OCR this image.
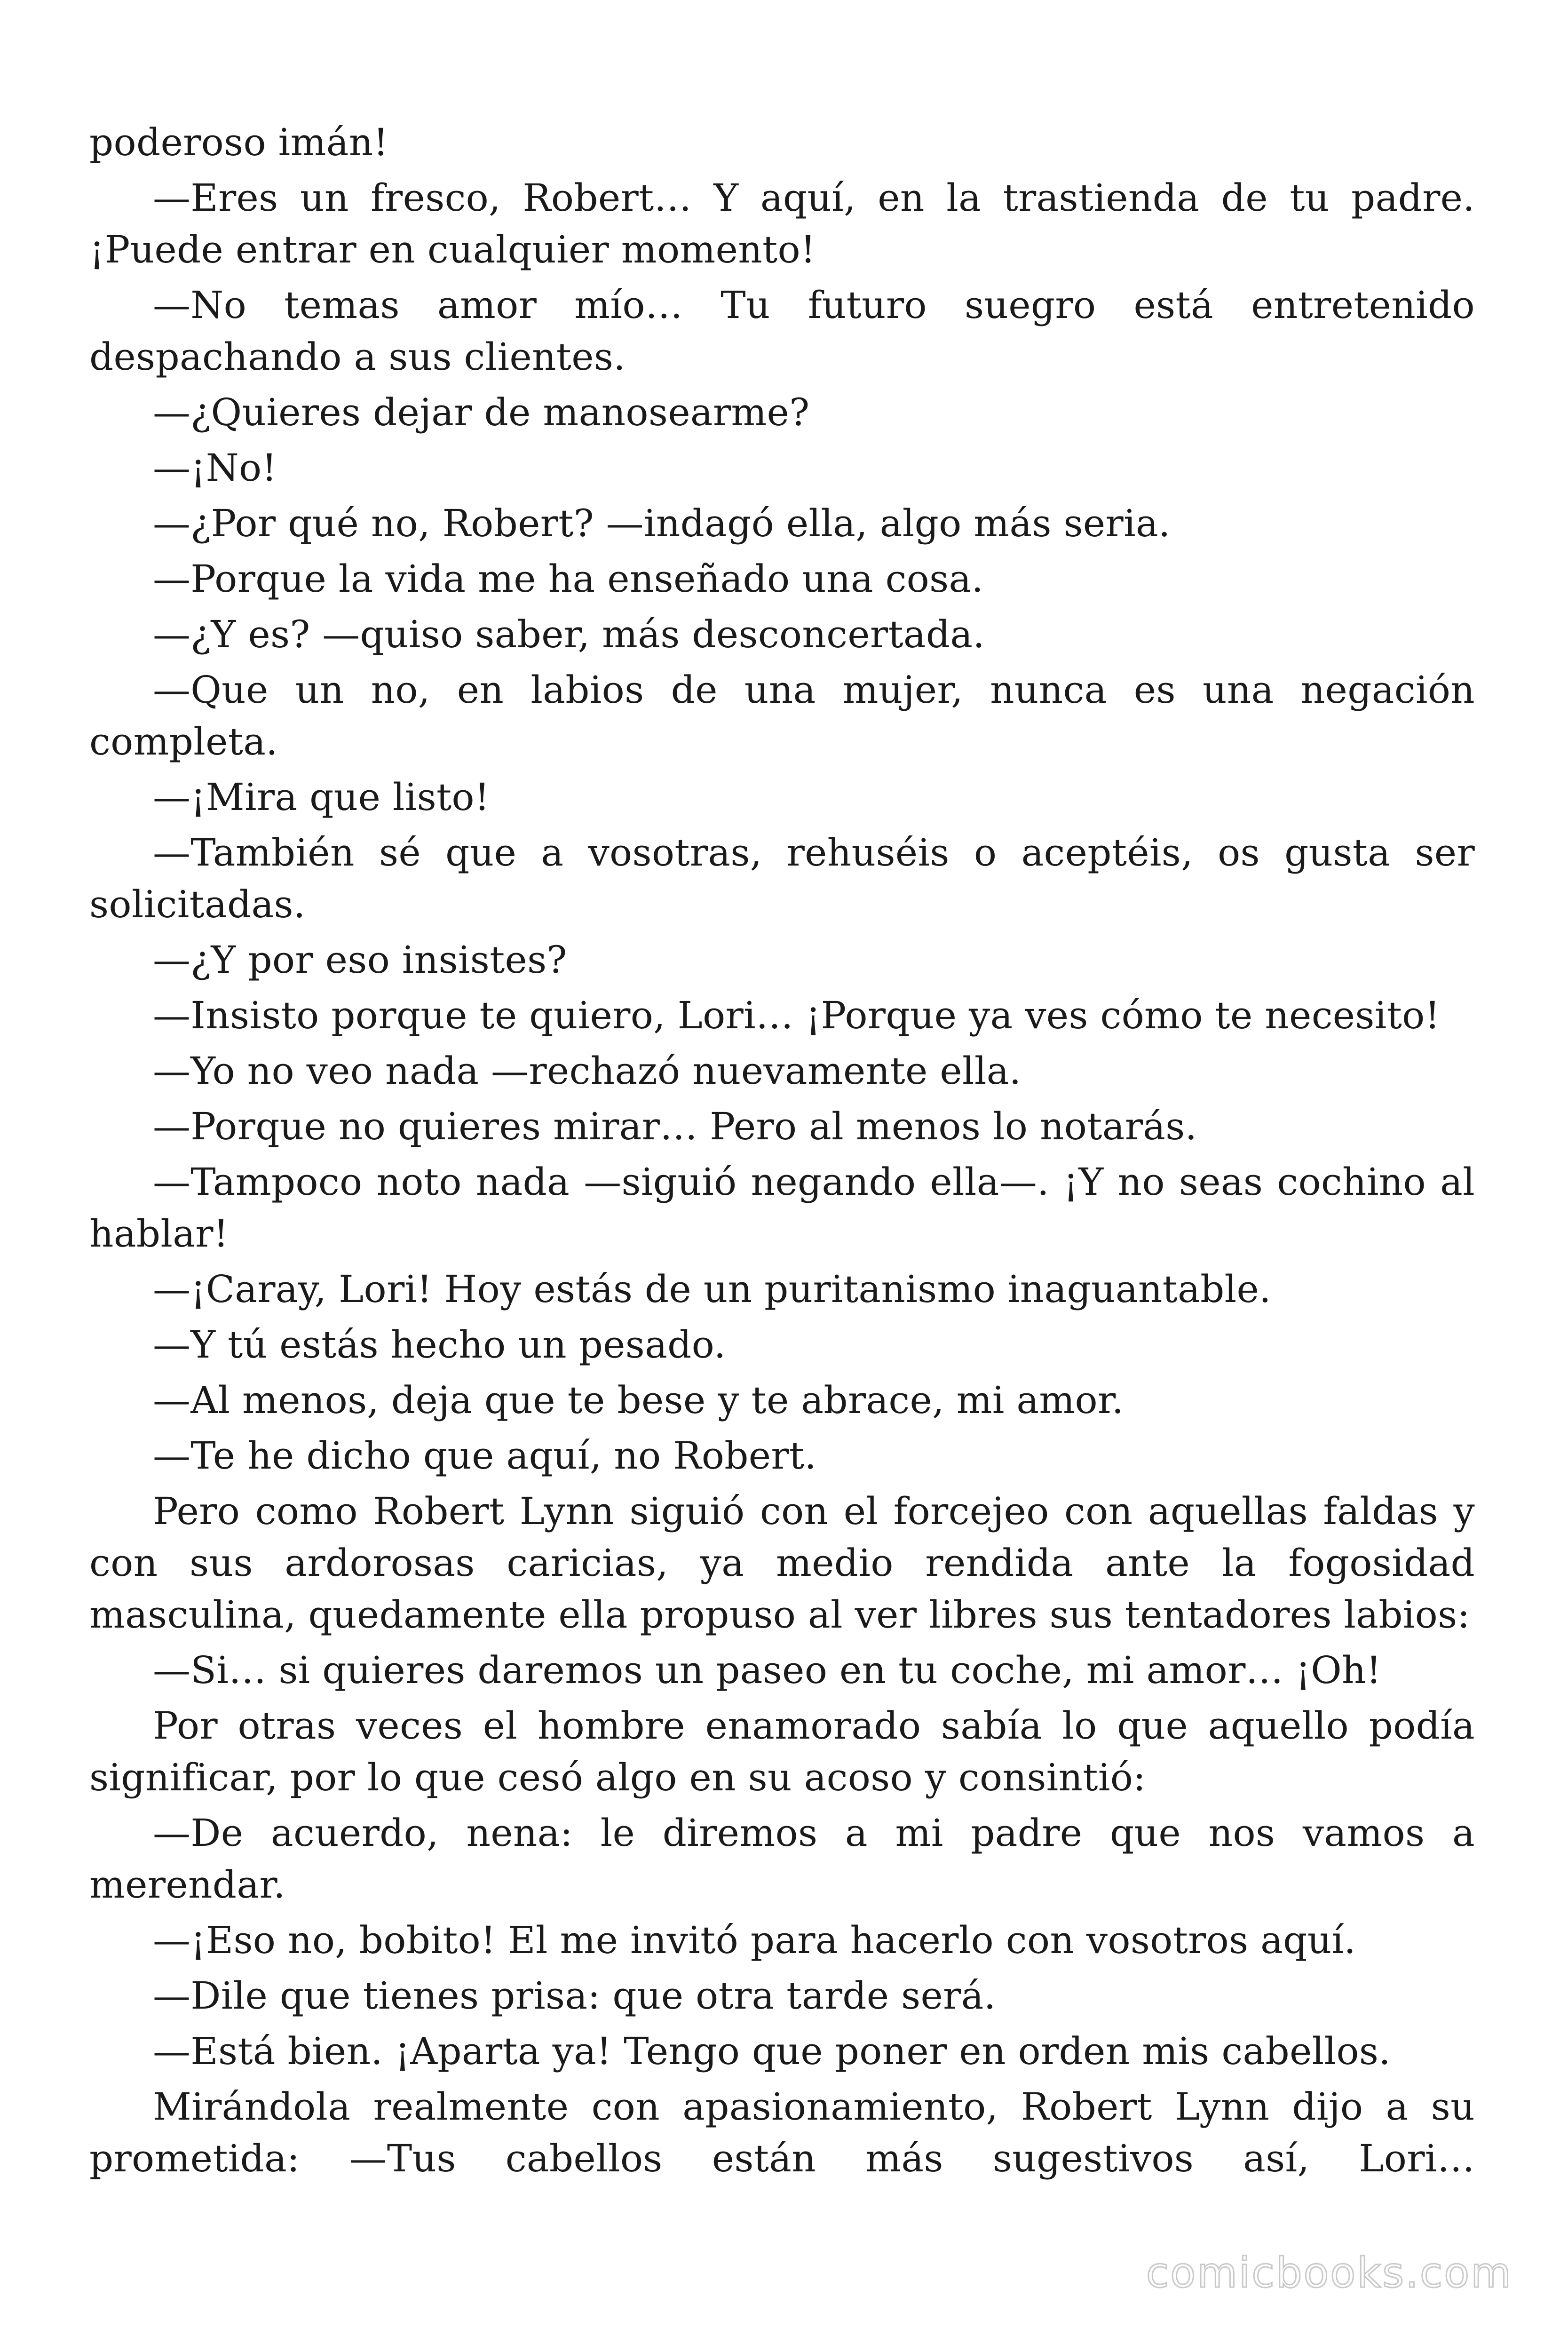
poderoso imán!

—Eres un fresco, Robert… Y aquí, en la trastienda de tu padre. ¡Puede entrar en cualquier momento!

—No temas amor mío… Tu futuro suegro está entretenido despachando a sus clientes.

—¿Quieres dejar de manosearme?

—¡No!

—¿Por qué no, Robert? —indagó ella, algo más seria.

—Porque la vida me ha enseñado una cosa.

—¿Y es? —quiso saber, más desconcertada.

—Que un no, en labios de una mujer, nunca es una negación completa.

—¡Mira que listo!

—También sé que a vosotras, rehuséis o aceptéis, os gusta ser solicitadas.

—¿Y por eso insistes?

—Insisto porque te quiero, Lori… ¡Porque ya ves cómo te necesito!

—Yo no veo nada —rechazó nuevamente ella.

—Porque no quieres mirar… Pero al menos lo notarás.

—Tampoco noto nada —siguió negando ella—. ¡Y no seas cochino al hablar!

—¡Caray, Lori! Hoy estás de un puritanismo inaguantable.

—Y tú estás hecho un pesado.

—Al menos, deja que te bese y te abrace, mi amor.

—Te he dicho que aquí, no Robert.

Pero como Robert Lynn siguió con el forcejeo con aquellas faldas y con sus ardorosas caricias, ya medio rendida ante la fogosidad masculina, quedamente ella propuso al ver libres sus tentadores labios:

—Si… si quieres daremos un paseo en tu coche, mi amor… ¡Oh!

Por otras veces el hombre enamorado sabía lo que aquello podía significar, por lo que cesó algo en su acoso y consintió:

—De acuerdo, nena: le diremos a mi padre que nos vamos a merendar.

—¡Eso no, bobito! El me invitó para hacerlo con vosotros aquí.

—Dile que tienes prisa: que otra tarde será.

—Está bien. ¡Aparta ya! Tengo que poner en orden mis cabellos.

Mirándola realmente con apasionamiento, Robert Lynn dijo a su prometida: —Tus cabellos están más sugestivos así, Lori…

comicbooks.com
